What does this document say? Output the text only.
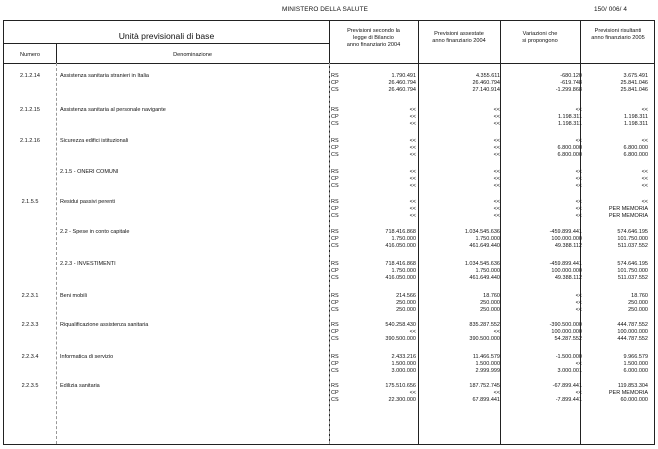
MINISTERO DELLA SALUTE	150/ 006/ 4
Unità previsionali di base
Numero	Denominazione
Previsioni secondo la
legge di Bilancio
anno finanziario 2004
Previsioni assestate
anno finanziario 2004
Variazioni che
si propongono
Previsioni risultanti
anno finanziario 2005
2.1.2.14	Assistenza sanitaria stranieri in Italia	RS	1.790.491	4.355.611	-680.120	3.675.491
CP	26.460.794	26.460.794	-619.748	25.841.046
CS	26.460.794	27.140.914	-1.299.868	25.841.046
2.1.2.15	Assistenza sanitaria al personale navigante	RS	<<	<<	<<	<<
CP	<<	<<	1.198.311	1.198.311
CS	<<	<<	1.198.311	1.198.311
2.1.2.16	Sicurezza edifici istituzionali	RS	<<	<<	<<	<<
CP	<<	<<	6.800.000	6.800.000
CS	<<	<<	6.800.000	6.800.000
2.1.5 - ONERI COMUNI	RS	<<	<<	<<	<<
CP	<<	<<	<<	<<
CS	<<	<<	<<	<<
2.1.5.5	Residui passivi perenti	RS	<<	<<	<<	<<
CP	<<	<<	<<	PER MEMORIA
CS	<<	<<	<<	PER MEMORIA
2.2 - Spese in conto capitale	RS	718.416.868	1.034.545.636	-459.899.441	574.646.195
CP	1.750.000	1.750.000	100.000.000	101.750.000
CS	416.050.000	461.649.440	49.388.112	511.037.552
2.2.3 - INVESTIMENTI	RS	718.416.868	1.034.545.636	-459.899.441	574.646.195
CP	1.750.000	1.750.000	100.000.000	101.750.000
CS	416.050.000	461.649.440	49.388.112	511.037.552
2.2.3.1	Beni mobili	RS	214.566	18.760	<<	18.760
CP	250.000	250.000	<<	250.000
CS	250.000	250.000	<<	250.000
2.2.3.3	Riqualificazione assistenza sanitaria	RS	540.258.430	835.287.552	-390.500.000	444.787.552
CP	<<	<<	100.000.000	100.000.000
CS	390.500.000	390.500.000	54.287.552	444.787.552
2.2.3.4	Informatica di servizio	RS	2.433.216	11.466.579	-1.500.000	9.966.579
CP	1.500.000	1.500.000	<<	1.500.000
CS	3.000.000	2.999.999	3.000.001	6.000.000
2.2.3.5	Edilizia sanitaria	RS	175.510.656	187.752.745	-67.899.441	119.853.304
CP	<<	<<	<<	PER MEMORIA
CS	22.300.000	67.899.441	-7.899.441	60.000.000
